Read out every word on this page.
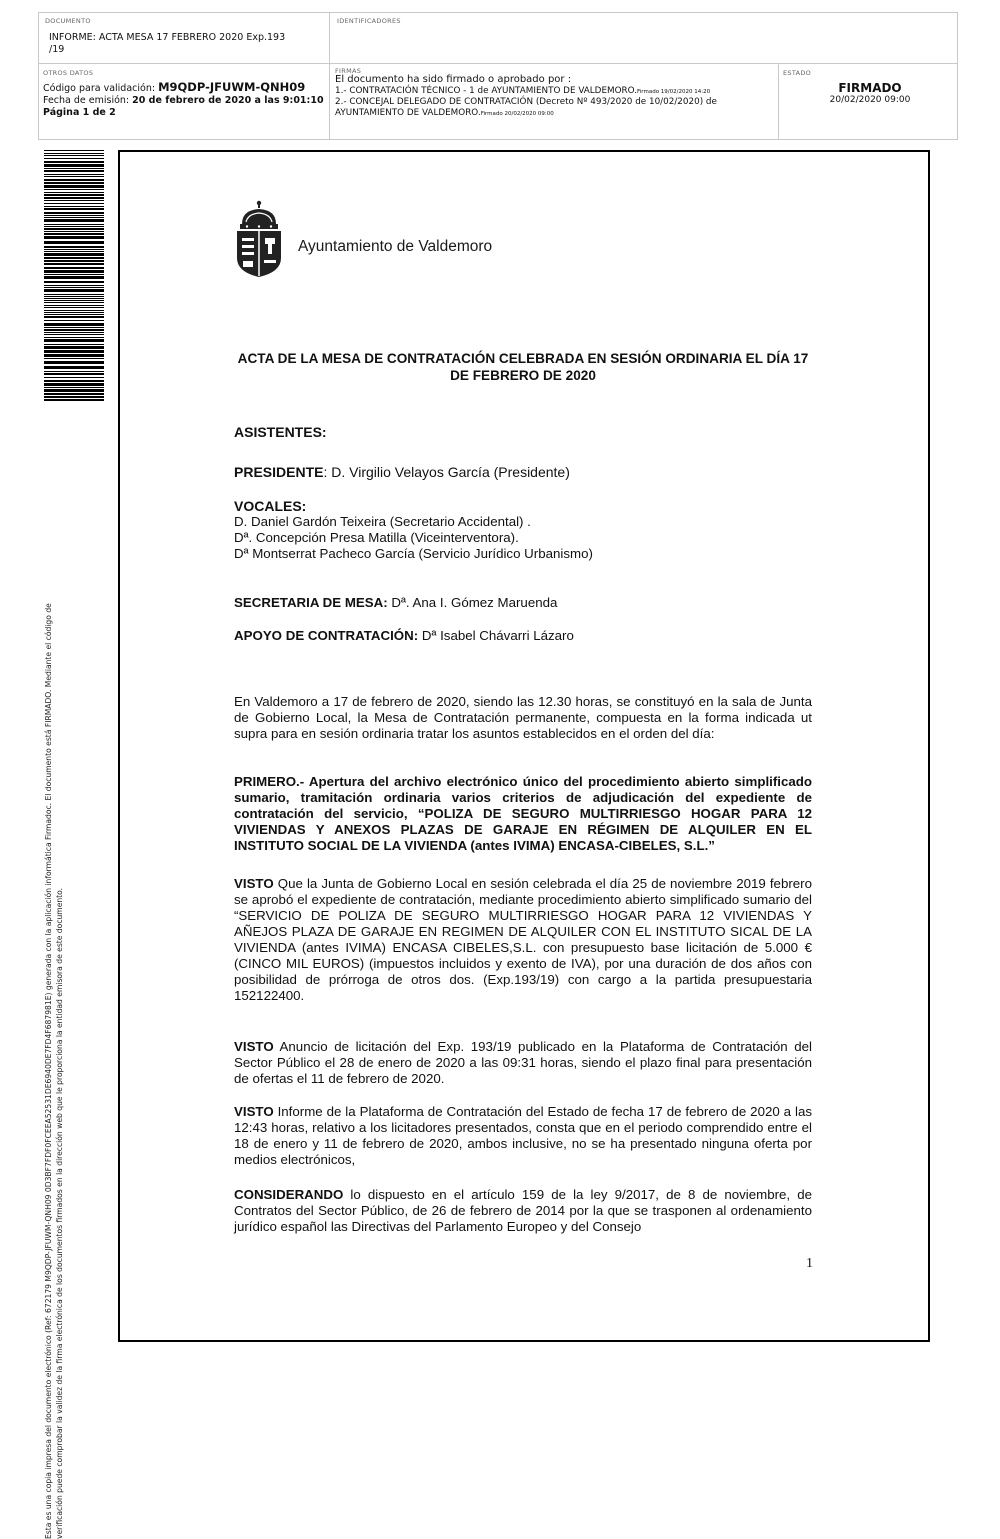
DOCUMENTO
INFORME: ACTA MESA 17 FEBRERO 2020 Exp.193
/19
IDENTIFICADORES
OTROS DATOS
Código para validación: M9QDP-JFUWM-QNH09
Fecha de emisión: 20 de febrero de 2020 a las 9:01:10
Página 1 de 2
FIRMAS
El documento ha sido firmado o aprobado por :
1.- CONTRATACIÓN TÉCNICO - 1 de AYUNTAMIENTO DE VALDEMORO.Firmado 19/02/2020 14:20
2.- CONCEJAL DELEGADO DE CONTRATACIÓN (Decreto Nº 493/2020 de 10/02/2020) de
AYUNTAMIENTO DE VALDEMORO.Firmado 20/02/2020 09:00
ESTADO
FIRMADO
20/02/2020 09:00
Esta es una copia impresa del documento electrónico (Ref: 672179 M9QDP-JFUWM-QNH09 0D3BF7FDF0FCEEA52531DE6940DE7FD4F687981E) generada con la aplicación informática Firmadoc. El documento está FIRMADO. Mediante el código de verificación puede comprobar la validez de la firma electrónica de los documentos firmados en la dirección web que le proporciona la entidad emisora de este documento.
Ayuntamiento de Valdemoro
ACTA DE LA MESA DE CONTRATACIÓN CELEBRADA EN SESIÓN ORDINARIA EL DÍA 17
DE FEBRERO DE 2020
ASISTENTES:
PRESIDENTE: D. Virgilio Velayos García (Presidente)
VOCALES:
D. Daniel Gardón Teixeira (Secretario Accidental) .
Dª. Concepción Presa Matilla (Viceinterventora).
Dª Montserrat Pacheco García (Servicio Jurídico Urbanismo)
SECRETARIA DE MESA: Dª. Ana I. Gómez Maruenda
APOYO DE CONTRATACIÓN: Dª Isabel Chávarri Lázaro
En Valdemoro a 17 de febrero de 2020, siendo las 12.30 horas, se constituyó en la sala de Junta de Gobierno Local, la Mesa de Contratación permanente, compuesta en la forma indicada ut supra para en sesión ordinaria tratar los asuntos establecidos en el orden del día:
PRIMERO.- Apertura del archivo electrónico único del procedimiento abierto simplificado sumario, tramitación ordinaria varios criterios de adjudicación del expediente de contratación del servicio, “POLIZA DE SEGURO MULTIRRIESGO HOGAR PARA 12 VIVIENDAS Y ANEXOS PLAZAS DE GARAJE EN RÉGIMEN DE ALQUILER EN EL INSTITUTO SOCIAL DE LA VIVIENDA (antes IVIMA) ENCASA-CIBELES, S.L.”
VISTO Que la Junta de Gobierno Local en sesión celebrada el día 25 de noviembre 2019 febrero se aprobó el expediente de contratación, mediante procedimiento abierto simplificado sumario del “SERVICIO DE POLIZA DE SEGURO MULTIRRIESGO HOGAR PARA 12 VIVIENDAS Y AÑEJOS PLAZA DE GARAJE EN REGIMEN DE ALQUILER CON EL INSTITUTO SICAL DE LA VIVIENDA (antes IVIMA) ENCASA CIBELES,S.L. con presupuesto base licitación de 5.000 € (CINCO MIL EUROS) (impuestos incluidos y exento de IVA), por una duración de dos años con posibilidad de prórroga de otros dos. (Exp.193/19) con cargo a la partida presupuestaria 152122400.
VISTO Anuncio de licitación del Exp. 193/19 publicado en la Plataforma de Contratación del Sector Público el 28 de enero de 2020 a las 09:31 horas, siendo el plazo final para presentación de ofertas el 11 de febrero de 2020.
VISTO Informe de la Plataforma de Contratación del Estado de fecha 17 de febrero de 2020 a las 12:43 horas, relativo a los licitadores presentados, consta que en el periodo comprendido entre el 18 de enero y 11 de febrero de 2020, ambos inclusive, no se ha presentado ninguna oferta por medios electrónicos,
CONSIDERANDO lo dispuesto en el artículo 159 de la ley 9/2017, de 8 de noviembre, de Contratos del Sector Público, de 26 de febrero de 2014 por la que se trasponen al ordenamiento jurídico español las Directivas del Parlamento Europeo y del Consejo
1
